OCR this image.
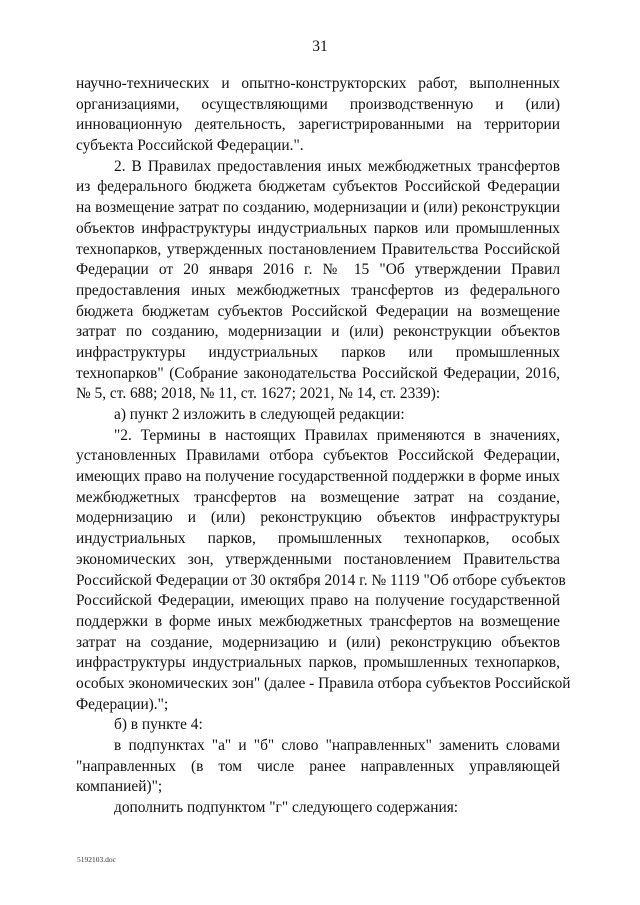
31
научно-технических и опытно-конструкторских работ, выполненных
организациями, осуществляющими производственную и (или)
инновационную деятельность, зарегистрированными на территории
субъекта Российской Федерации.".
2. В Правилах предоставления иных межбюджетных трансфертов
из федерального бюджета бюджетам субъектов Российской Федерации
на возмещение затрат по созданию, модернизации и (или) реконструкции
объектов инфраструктуры индустриальных парков или промышленных
технопарков, утвержденных постановлением Правительства Российской
Федерации от 20 января 2016 г. № 15 "Об утверждении Правил
предоставления иных межбюджетных трансфертов из федерального
бюджета бюджетам субъектов Российской Федерации на возмещение
затрат по созданию, модернизации и (или) реконструкции объектов
инфраструктуры индустриальных парков или промышленных
технопарков" (Собрание законодательства Российской Федерации, 2016,
№ 5, ст. 688; 2018, № 11, ст. 1627; 2021, № 14, ст. 2339):
а) пункт 2 изложить в следующей редакции:
"2. Термины в настоящих Правилах применяются в значениях,
установленных Правилами отбора субъектов Российской Федерации,
имеющих право на получение государственной поддержки в форме иных
межбюджетных трансфертов на возмещение затрат на создание,
модернизацию и (или) реконструкцию объектов инфраструктуры
индустриальных парков, промышленных технопарков, особых
экономических зон, утвержденными постановлением Правительства
Российской Федерации от 30 октября 2014 г. № 1119 "Об отборе субъектов
Российской Федерации, имеющих право на получение государственной
поддержки в форме иных межбюджетных трансфертов на возмещение
затрат на создание, модернизацию и (или) реконструкцию объектов
инфраструктуры индустриальных парков, промышленных технопарков,
особых экономических зон" (далее - Правила отбора субъектов Российской
Федерации).";
б) в пункте 4:
в подпунктах "а" и "б" слово "направленных" заменить словами
"направленных (в том числе ранее направленных управляющей
компанией)";
дополнить подпунктом "г" следующего содержания:
5192103.doc
